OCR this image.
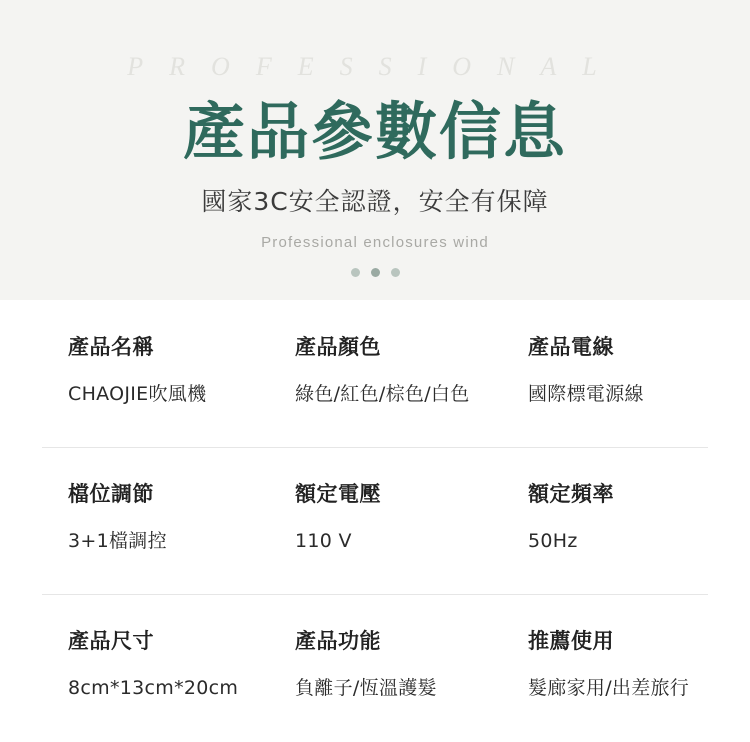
PROFESSIONAL
產品參數信息
國家3C安全認證，安全有保障
Professional enclosures wind
產品名稱
CHAOJIE吹風機
產品顏色
綠色/紅色/棕色/白色
產品電線
國際標電源線
檔位調節
3+1檔調控
額定電壓
110 V
額定頻率
50Hz
產品尺寸
8cm*13cm*20cm
產品功能
負離子/恆溫護髮
推薦使用
髮廊家用/出差旅行
